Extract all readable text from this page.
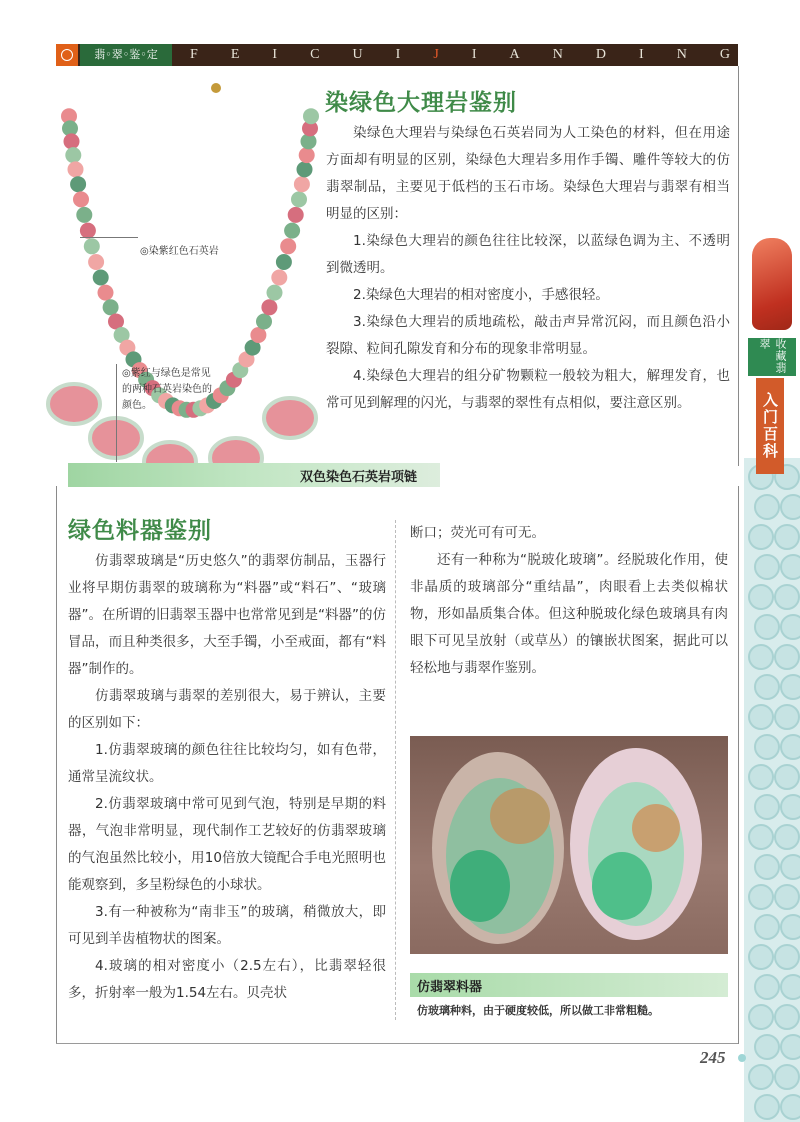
翡◦翠◦鉴◦定	F E I C U I J I A N D I N G
收藏翡翠
入门百科
◎染紫红色石英岩
◎紫红与绿色是常见
的两种石英岩染色的
颜色。
双色染色石英岩项链
染绿色大理岩鉴别
染绿色大理岩与染绿色石英岩同为人工染色的材料，但在用途方面却有明显的区别，染绿色大理岩多用作手镯、雕件等较大的仿翡翠制品，主要见于低档的玉石市场。染绿色大理岩与翡翠有相当明显的区别：
1.染绿色大理岩的颜色往往比较深，以蓝绿色调为主、不透明到微透明。
2.染绿色大理岩的相对密度小，手感很轻。
3.染绿色大理岩的质地疏松，敲击声异常沉闷，而且颜色沿小裂隙、粒间孔隙发育和分布的现象非常明显。
4.染绿色大理岩的组分矿物颗粒一般较为粗大，解理发育，也常可见到解理的闪光，与翡翠的翠性有点相似，要注意区别。
绿色料器鉴别
仿翡翠玻璃是“历史悠久”的翡翠仿制品，玉器行业将早期仿翡翠的玻璃称为“料器”或“料石”、“玻璃器”。在所谓的旧翡翠玉器中也常常见到是“料器”的仿冒品，而且种类很多，大至手镯，小至戒面，都有“料器”制作的。
仿翡翠玻璃与翡翠的差别很大，易于辨认，主要的区别如下：
1.仿翡翠玻璃的颜色往往比较均匀，如有色带，通常呈流纹状。
2.仿翡翠玻璃中常可见到气泡，特别是早期的料器，气泡非常明显，现代制作工艺较好的仿翡翠玻璃的气泡虽然比较小，用10倍放大镜配合手电光照明也能观察到，多呈粉绿色的小球状。
3.有一种被称为“南非玉”的玻璃，稍微放大，即可见到羊齿植物状的图案。
4.玻璃的相对密度小（2.5左右），比翡翠轻很多，折射率一般为1.54左右。贝壳状
断口；荧光可有可无。
还有一种称为“脱玻化玻璃”。经脱玻化作用，使非晶质的玻璃部分“重结晶”，肉眼看上去类似棉状物，形如晶质集合体。但这种脱玻化绿色玻璃具有肉眼下可见呈放射（或草丛）的镶嵌状图案，据此可以轻松地与翡翠作鉴别。
仿翡翠料器
仿玻璃种料，由于硬度较低，所以做工非常粗糙。
245
